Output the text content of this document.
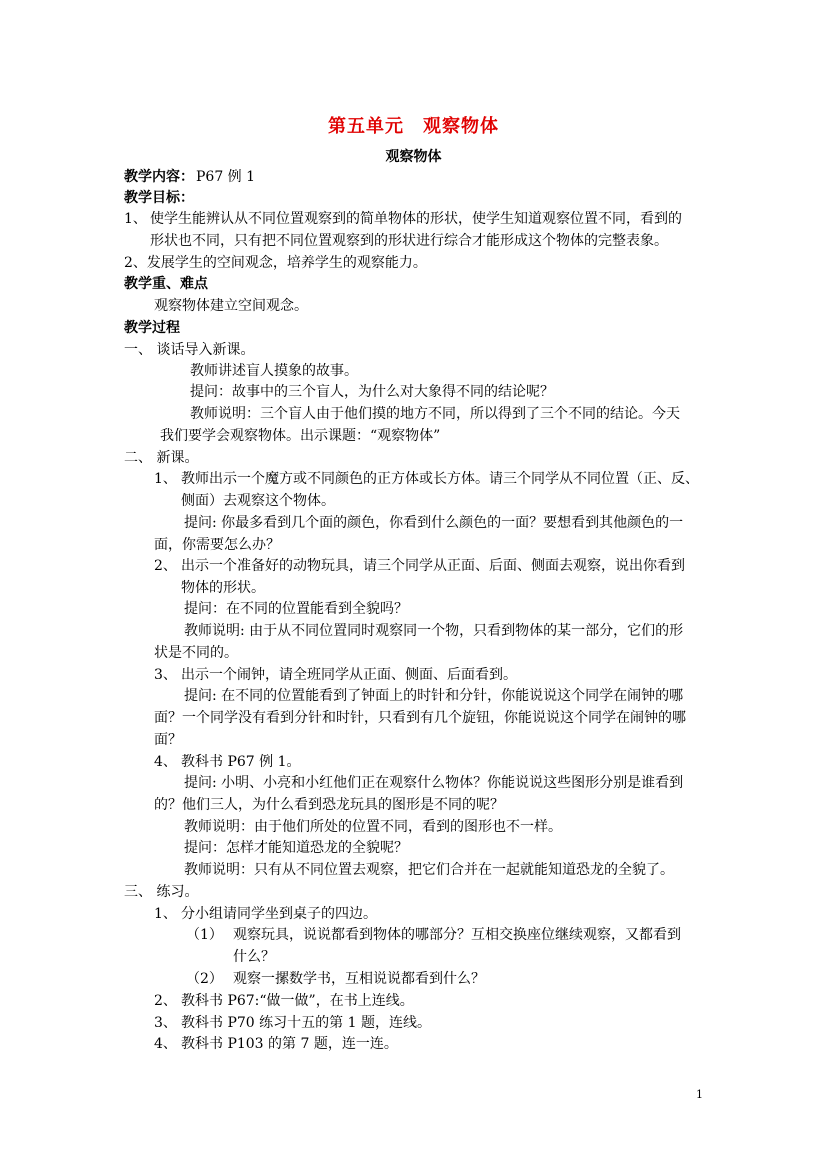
第五单元　观察物体
观察物体
教学内容： P67 例 1
教学目标：
1、 使学生能辨认从不同位置观察到的简单物体的形状，使学生知道观察位置不同，看到的
形状也不同，只有把不同位置观察到的形状进行综合才能形成这个物体的完整表象。
2、发展学生的空间观念，培养学生的观察能力。
教学重、难点
观察物体建立空间观念。
教学过程
一、 谈话导入新课。
教师讲述盲人摸象的故事。
提问：故事中的三个盲人，为什么对大象得不同的结论呢？
教师说明：三个盲人由于他们摸的地方不同，所以得到了三个不同的结论。今天
我们要学会观察物体。出示课题：“观察物体”
二、 新课。
1、 教师出示一个魔方或不同颜色的正方体或长方体。请三个同学从不同位置（正、反、
侧面）去观察这个物体。
提问: 你最多看到几个面的颜色，你看到什么颜色的一面？要想看到其他颜色的一
面，你需要怎么办？
2、 出示一个准备好的动物玩具，请三个同学从正面、后面、侧面去观察，说出你看到
物体的形状。
提问：在不同的位置能看到全貌吗？
教师说明: 由于从不同位置同时观察同一个物，只看到物体的某一部分，它们的形
状是不同的。
3、 出示一个闹钟，请全班同学从正面、侧面、后面看到。
提问: 在不同的位置能看到了钟面上的时针和分针，你能说说这个同学在闹钟的哪
面？一个同学没有看到分针和时针，只看到有几个旋钮，你能说说这个同学在闹钟的哪
面？
4、 教科书 P67 例 1。
提问: 小明、小亮和小红他们正在观察什么物体？你能说说这些图形分别是谁看到
的？他们三人，为什么看到恐龙玩具的图形是不同的呢？
教师说明：由于他们所处的位置不同，看到的图形也不一样。
提问：怎样才能知道恐龙的全貌呢？
教师说明：只有从不同位置去观察，把它们合并在一起就能知道恐龙的全貌了。
三、 练习。
1、 分小组请同学坐到桌子的四边。
（1） 观察玩具，说说都看到物体的哪部分？互相交换座位继续观察，又都看到
什么？
（2） 观察一摞数学书，互相说说都看到什么？
2、 教科书 P67:“做一做”，在书上连线。
3、 教科书 P70 练习十五的第 1 题，连线。
4、 教科书 P103 的第 7 题，连一连。
1
